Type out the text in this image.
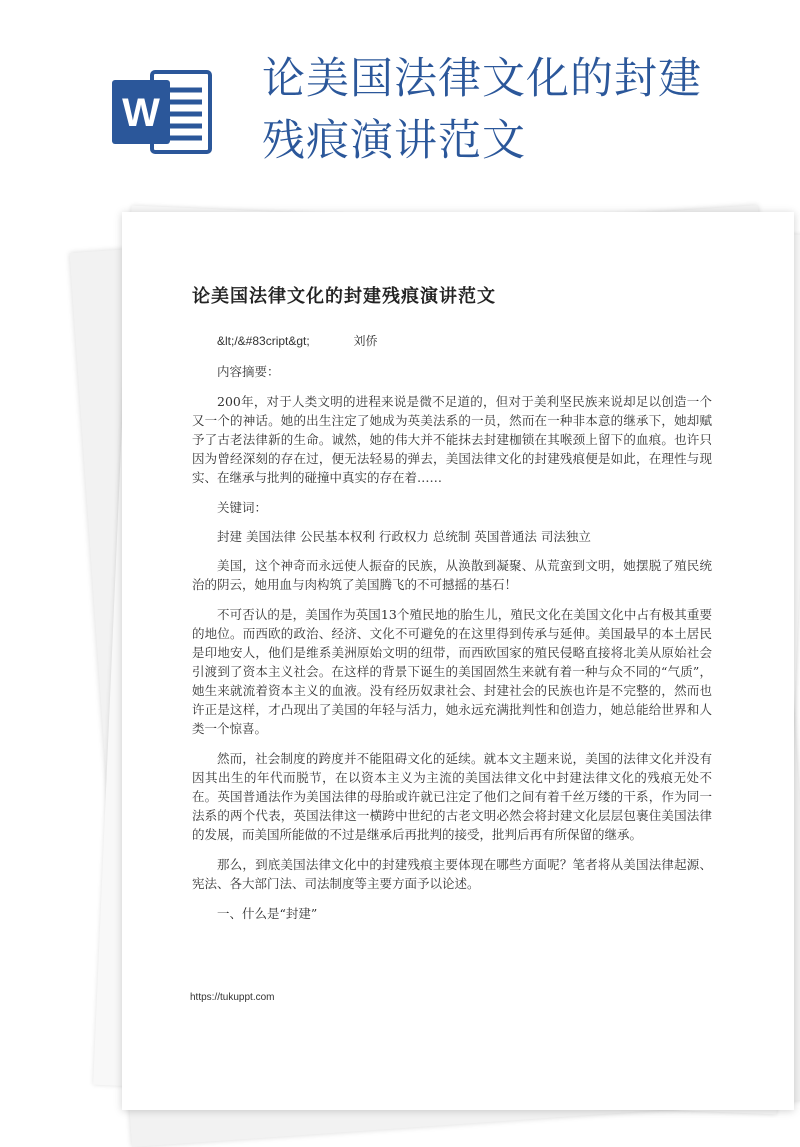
W
论美国法律文化的封建
残痕演讲范文
论美国法律文化的封建残痕演讲范文
&lt;/&#83cript&gt;	刘侨

内容摘要：

200年，对于人类文明的进程来说是微不足道的，但对于美利坚民族来说却足以创造一个又一个的神话。她的出生注定了她成为英美法系的一员，然而在一种非本意的继承下，她却赋予了古老法律新的生命。诚然，她的伟大并不能抹去封建枷锁在其喉颈上留下的血痕。也许只因为曾经深刻的存在过，便无法轻易的弹去，美国法律文化的封建残痕便是如此，在理性与现实、在继承与批判的碰撞中真实的存在着……

关键词：

封建 美国法律 公民基本权利 行政权力 总统制 英国普通法 司法独立

美国，这个神奇而永远使人振奋的民族，从涣散到凝聚、从荒蛮到文明，她摆脱了殖民统治的阴云，她用血与肉构筑了美国腾飞的不可撼摇的基石！

不可否认的是，美国作为英国13个殖民地的胎生儿，殖民文化在美国文化中占有极其重要的地位。而西欧的政治、经济、文化不可避免的在这里得到传承与延伸。美国最早的本土居民是印地安人，他们是维系美洲原始文明的纽带，而西欧国家的殖民侵略直接将北美从原始社会引渡到了资本主义社会。在这样的背景下诞生的美国固然生来就有着一种与众不同的“气质”，她生来就流着资本主义的血液。没有经历奴隶社会、封建社会的民族也许是不完整的，然而也许正是这样，才凸现出了美国的年轻与活力，她永远充满批判性和创造力，她总能给世界和人类一个惊喜。

然而，社会制度的跨度并不能阻碍文化的延续。就本文主题来说，美国的法律文化并没有因其出生的年代而脱节，在以资本主义为主流的美国法律文化中封建法律文化的残痕无处不在。英国普通法作为美国法律的母胎或许就已注定了他们之间有着千丝万缕的干系，作为同一法系的两个代表，英国法律这一横跨中世纪的古老文明必然会将封建文化层层包裹住美国法律的发展，而美国所能做的不过是继承后再批判的接受，批判后再有所保留的继承。

那么，到底美国法律文化中的封建残痕主要体现在哪些方面呢？笔者将从美国法律起源、宪法、各大部门法、司法制度等主要方面予以论述。

一、什么是“封建”

https://tukuppt.com
